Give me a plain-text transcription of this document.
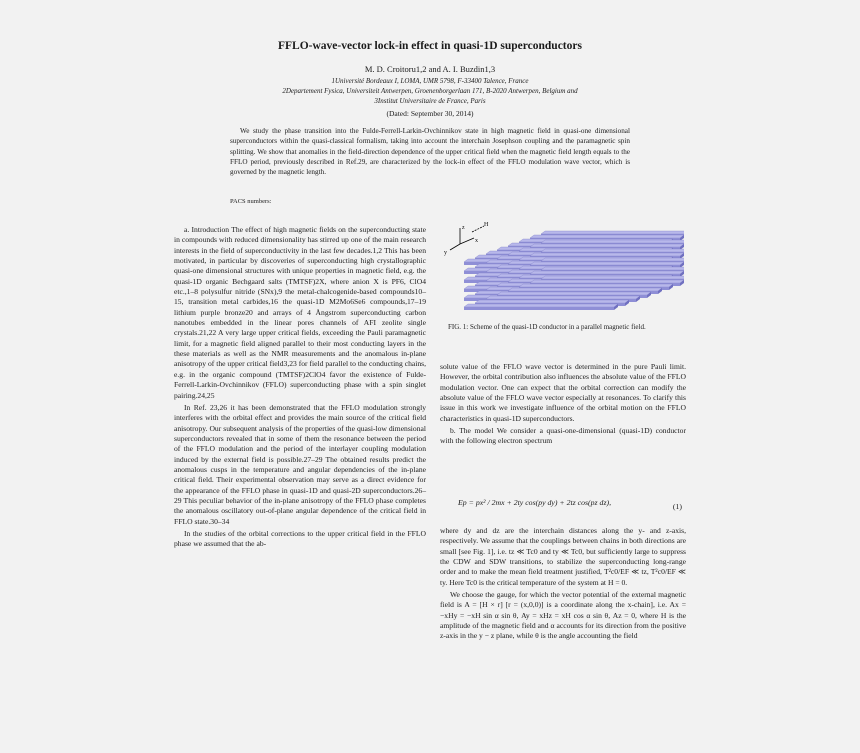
FFLO-wave-vector lock-in effect in quasi-1D superconductors
M. D. Croitoru1,2 and A. I. Buzdin1,3
1Université Bordeaux I, LOMA, UMR 5798, F-33400 Talence, France
2Departement Fysica, Universiteit Antwerpen, Groenenborgerlaan 171, B-2020 Antwerpen, Belgium and
3Institut Universitaire de France, Paris
(Dated: September 30, 2014)
We study the phase transition into the Fulde-Ferrell-Larkin-Ovchinnikov state in high magnetic field in quasi-one dimensional superconductors within the quasi-classical formalism, taking into account the interchain Josephson coupling and the paramagnetic spin splitting. We show that anomalies in the field-direction dependence of the upper critical field when the magnetic field length equals to the FFLO period, previously described in Ref.29, are characterized by the lock-in effect of the FFLO modulation wave vector, which is governed by the magnetic length.
PACS numbers:

a. Introduction The effect of high magnetic fields on the superconducting state in compounds with reduced dimensionality has stirred up one of the main research interests in the field of superconductivity in the last few decades.1,2 This has been motivated, in particular by discoveries of superconducting high crystallographic quasi-one dimensional structures with unique properties in magnetic field, e.g. the quasi-1D organic Bechgaard salts (TMTSF)2X, where anion X is PF6, ClO4 etc.,1–8 polysulfur nitride (SNx),9 the metal-chalcogenide-based compounds10–15, transition metal carbides,16 the quasi-1D M2Mo6Se6 compounds,17–19 lithium purple bronze20 and arrays of 4 Ångstrom superconducting carbon nanotubes embedded in the linear pores channels of AFI zeolite single crystals.21,22 A very large upper critical fields, exceeding the Pauli paramagnetic limit, for a magnetic field aligned parallel to their most conducting layers in the these materials as well as the NMR measurements and the anomalous in-plane anisotropy of the upper critical field3,23 for field parallel to the conducting chains, e.g. in the organic compound (TMTSF)2ClO4 favor the existence of Fulde-Ferrell-Larkin-Ovchinnikov (FFLO) superconducting phase with a spin singlet pairing.24,25

In Ref. 23,26 it has been demonstrated that the FFLO modulation strongly interferes with the orbital effect and provides the main source of the critical field anisotropy. Our subsequent analysis of the properties of the quasi-low dimensional superconductors revealed that in some of them the resonance between the period of the FFLO modulation and the period of the interlayer coupling modulation induced by the external field is possible.27–29 The obtained results predict the anomalous cusps in the temperature and angular dependencies of the in-plane critical field. Their experimental observation may serve as a direct evidence for the appearance of the FFLO phase in quasi-1D and quasi-2D superconductors.26–29 This peculiar behavior of the in-plane anisotropy of the FFLO phase completes the anomalous oscillatory out-of-plane angular dependence of the critical field in FFLO state.30–34

In the studies of the orbital corrections to the upper critical field in the FFLO phase we assumed that the ab-

z
y
x
H
FIG. 1: Scheme of the quasi-1D conductor in a parallel magnetic field.

solute value of the FFLO wave vector is determined in the pure Pauli limit. However, the orbital contribution also influences the absolute value of the FFLO modulation vector. One can expect that the orbital correction can modify the absolute value of the FFLO wave vector especially at resonances. To clarify this issue in this work we investigate influence of the orbital motion on the FFLO characteristics in quasi-1D superconductors.

b. The model We consider a quasi-one-dimensional (quasi-1D) conductor with the following electron spectrum

Ep = px² / 2mx + 2ty cos(py dy) + 2tz cos(pz dz),	(1)

where dy and dz are the interchain distances along the y- and z-axis, respectively. We assume that the couplings between chains in both directions are small [see Fig. 1], i.e. tz ≪ Tc0 and ty ≪ Tc0, but sufficiently large to suppress the CDW and SDW transitions, to stabilize the superconducting long-range order and to make the mean field treatment justified, T²c0/EF ≪ tz, T²c0/EF ≪ ty. Here Tc0 is the critical temperature of the system at H = 0.

We choose the gauge, for which the vector potential of the external magnetic field is A = [H × r] [r = (x,0,0)] is a coordinate along the x-chain], i.e. Ax = −xHy = −xH sin α sin θ, Ay = xHz = xH cos α sin θ, Az = 0, where H is the amplitude of the magnetic field and α accounts for its direction from the positive z-axis in the y − z plane, while θ is the angle accounting the field
